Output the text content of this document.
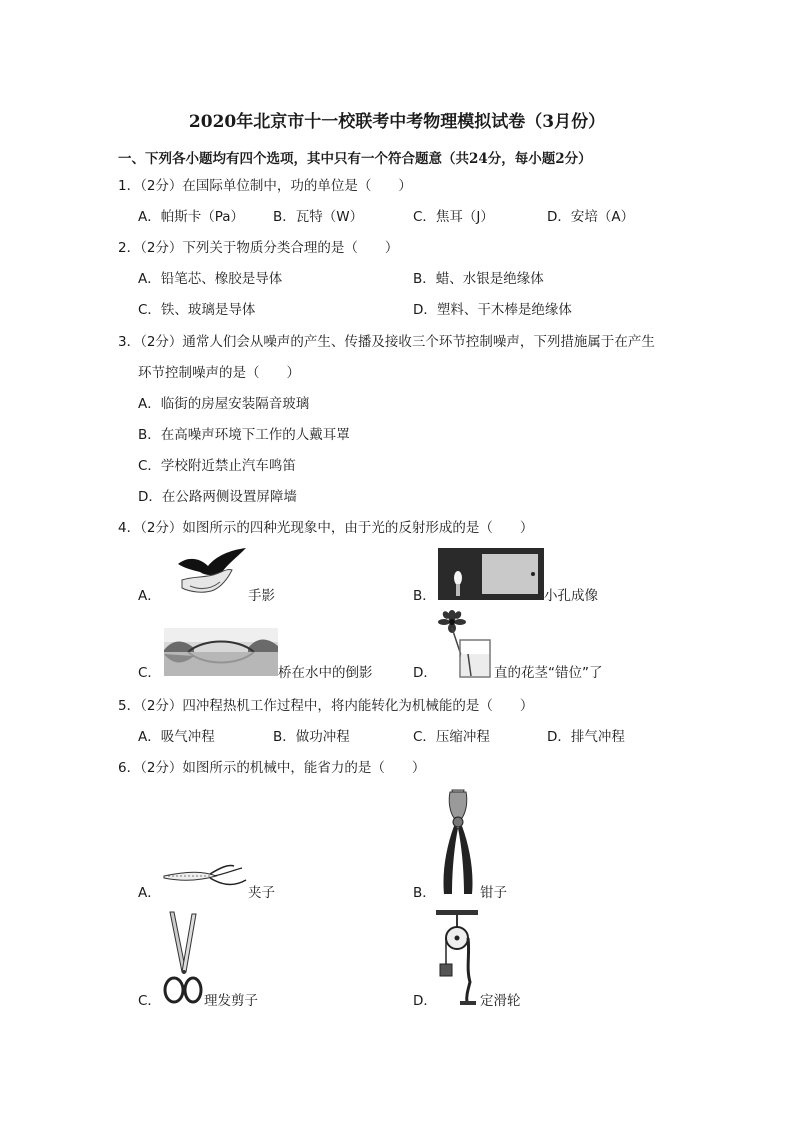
2020年北京市十一校联考中考物理模拟试卷（3月份）
一、下列各小题均有四个选项，其中只有一个符合题意（共24分，每小题2分）
1．（2分）在国际单位制中，功的单位是（　　）
A．帕斯卡（Pa） B．瓦特（W）	C．焦耳（J）	D．安培（A）
2．（2分）下列关于物质分类合理的是（　　）
A．铅笔芯、橡胶是导体	B．蜡、水银是绝缘体
C．铁、玻璃是导体	D．塑料、干木棒是绝缘体
3．（2分）通常人们会从噪声的产生、传播及接收三个环节控制噪声，下列措施属于在产生
环节控制噪声的是（　　）
A．临街的房屋安装隔音玻璃
B．在高噪声环境下工作的人戴耳罩
C．学校附近禁止汽车鸣笛
D．在公路两侧设置屏障墙
4．（2分）如图所示的四种光现象中，由于光的反射形成的是（　　）
A．	手影	B．	小孔成像
C．	桥在水中的倒影	D．	直的花茎“错位”了
5．（2分）四冲程热机工作过程中，将内能转化为机械能的是（　　）
A．吸气冲程	B．做功冲程	C．压缩冲程	D．排气冲程
6．（2分）如图所示的机械中，能省力的是（　　）
A．	夹子	B．	钳子
C．	理发剪子	D．	定滑轮
